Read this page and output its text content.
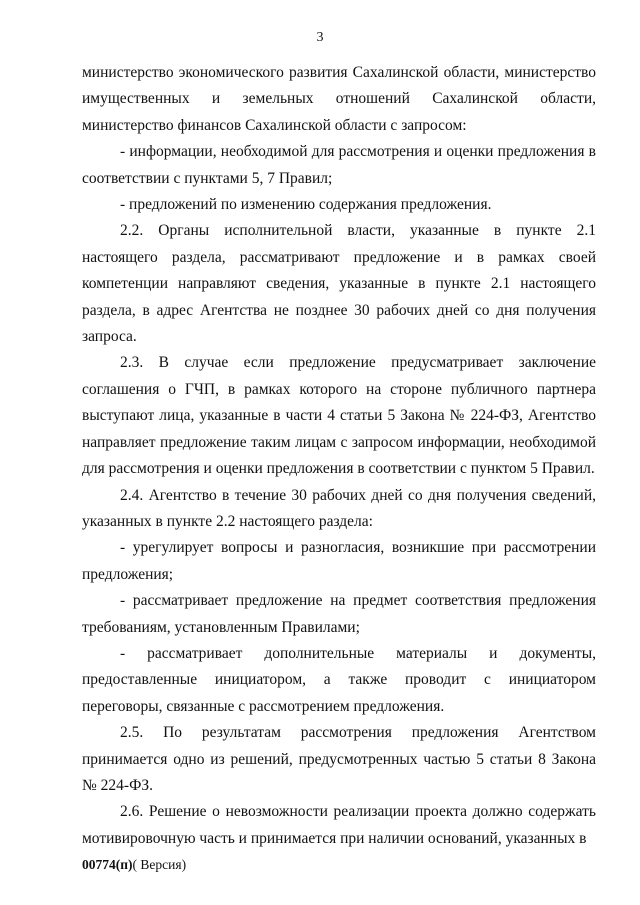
3

министерство экономического развития Сахалинской области, министерство имущественных и земельных отношений Сахалинской области, министерство финансов Сахалинской области с запросом:

- информации, необходимой для рассмотрения и оценки предложения в соответствии с пунктами 5, 7 Правил;

- предложений по изменению содержания предложения.

2.2. Органы исполнительной власти, указанные в пункте 2.1 настоящего раздела, рассматривают предложение и в рамках своей компетенции направляют сведения, указанные в пункте 2.1 настоящего раздела, в адрес Агентства не позднее 30 рабочих дней со дня получения запроса.

2.3. В случае если предложение предусматривает заключение соглашения о ГЧП, в рамках которого на стороне публичного партнера выступают лица, указанные в части 4 статьи 5 Закона № 224-ФЗ, Агентство направляет предложение таким лицам с запросом информации, необходимой для рассмотрения и оценки предложения в соответствии с пунктом 5 Правил.

2.4. Агентство в течение 30 рабочих дней со дня получения сведений, указанных в пункте 2.2 настоящего раздела:

- урегулирует вопросы и разногласия, возникшие при рассмотрении предложения;

- рассматривает предложение на предмет соответствия предложения требованиям, установленным Правилами;

- рассматривает дополнительные материалы и документы, предоставленные инициатором, а также проводит с инициатором переговоры, связанные с рассмотрением предложения.

2.5. По результатам рассмотрения предложения Агентством принимается одно из решений, предусмотренных частью 5 статьи 8 Закона № 224-ФЗ.

2.6. Решение о невозможности реализации проекта должно содержать мотивировочную часть и принимается при наличии оснований, указанных в

00774(п)( Версия)
